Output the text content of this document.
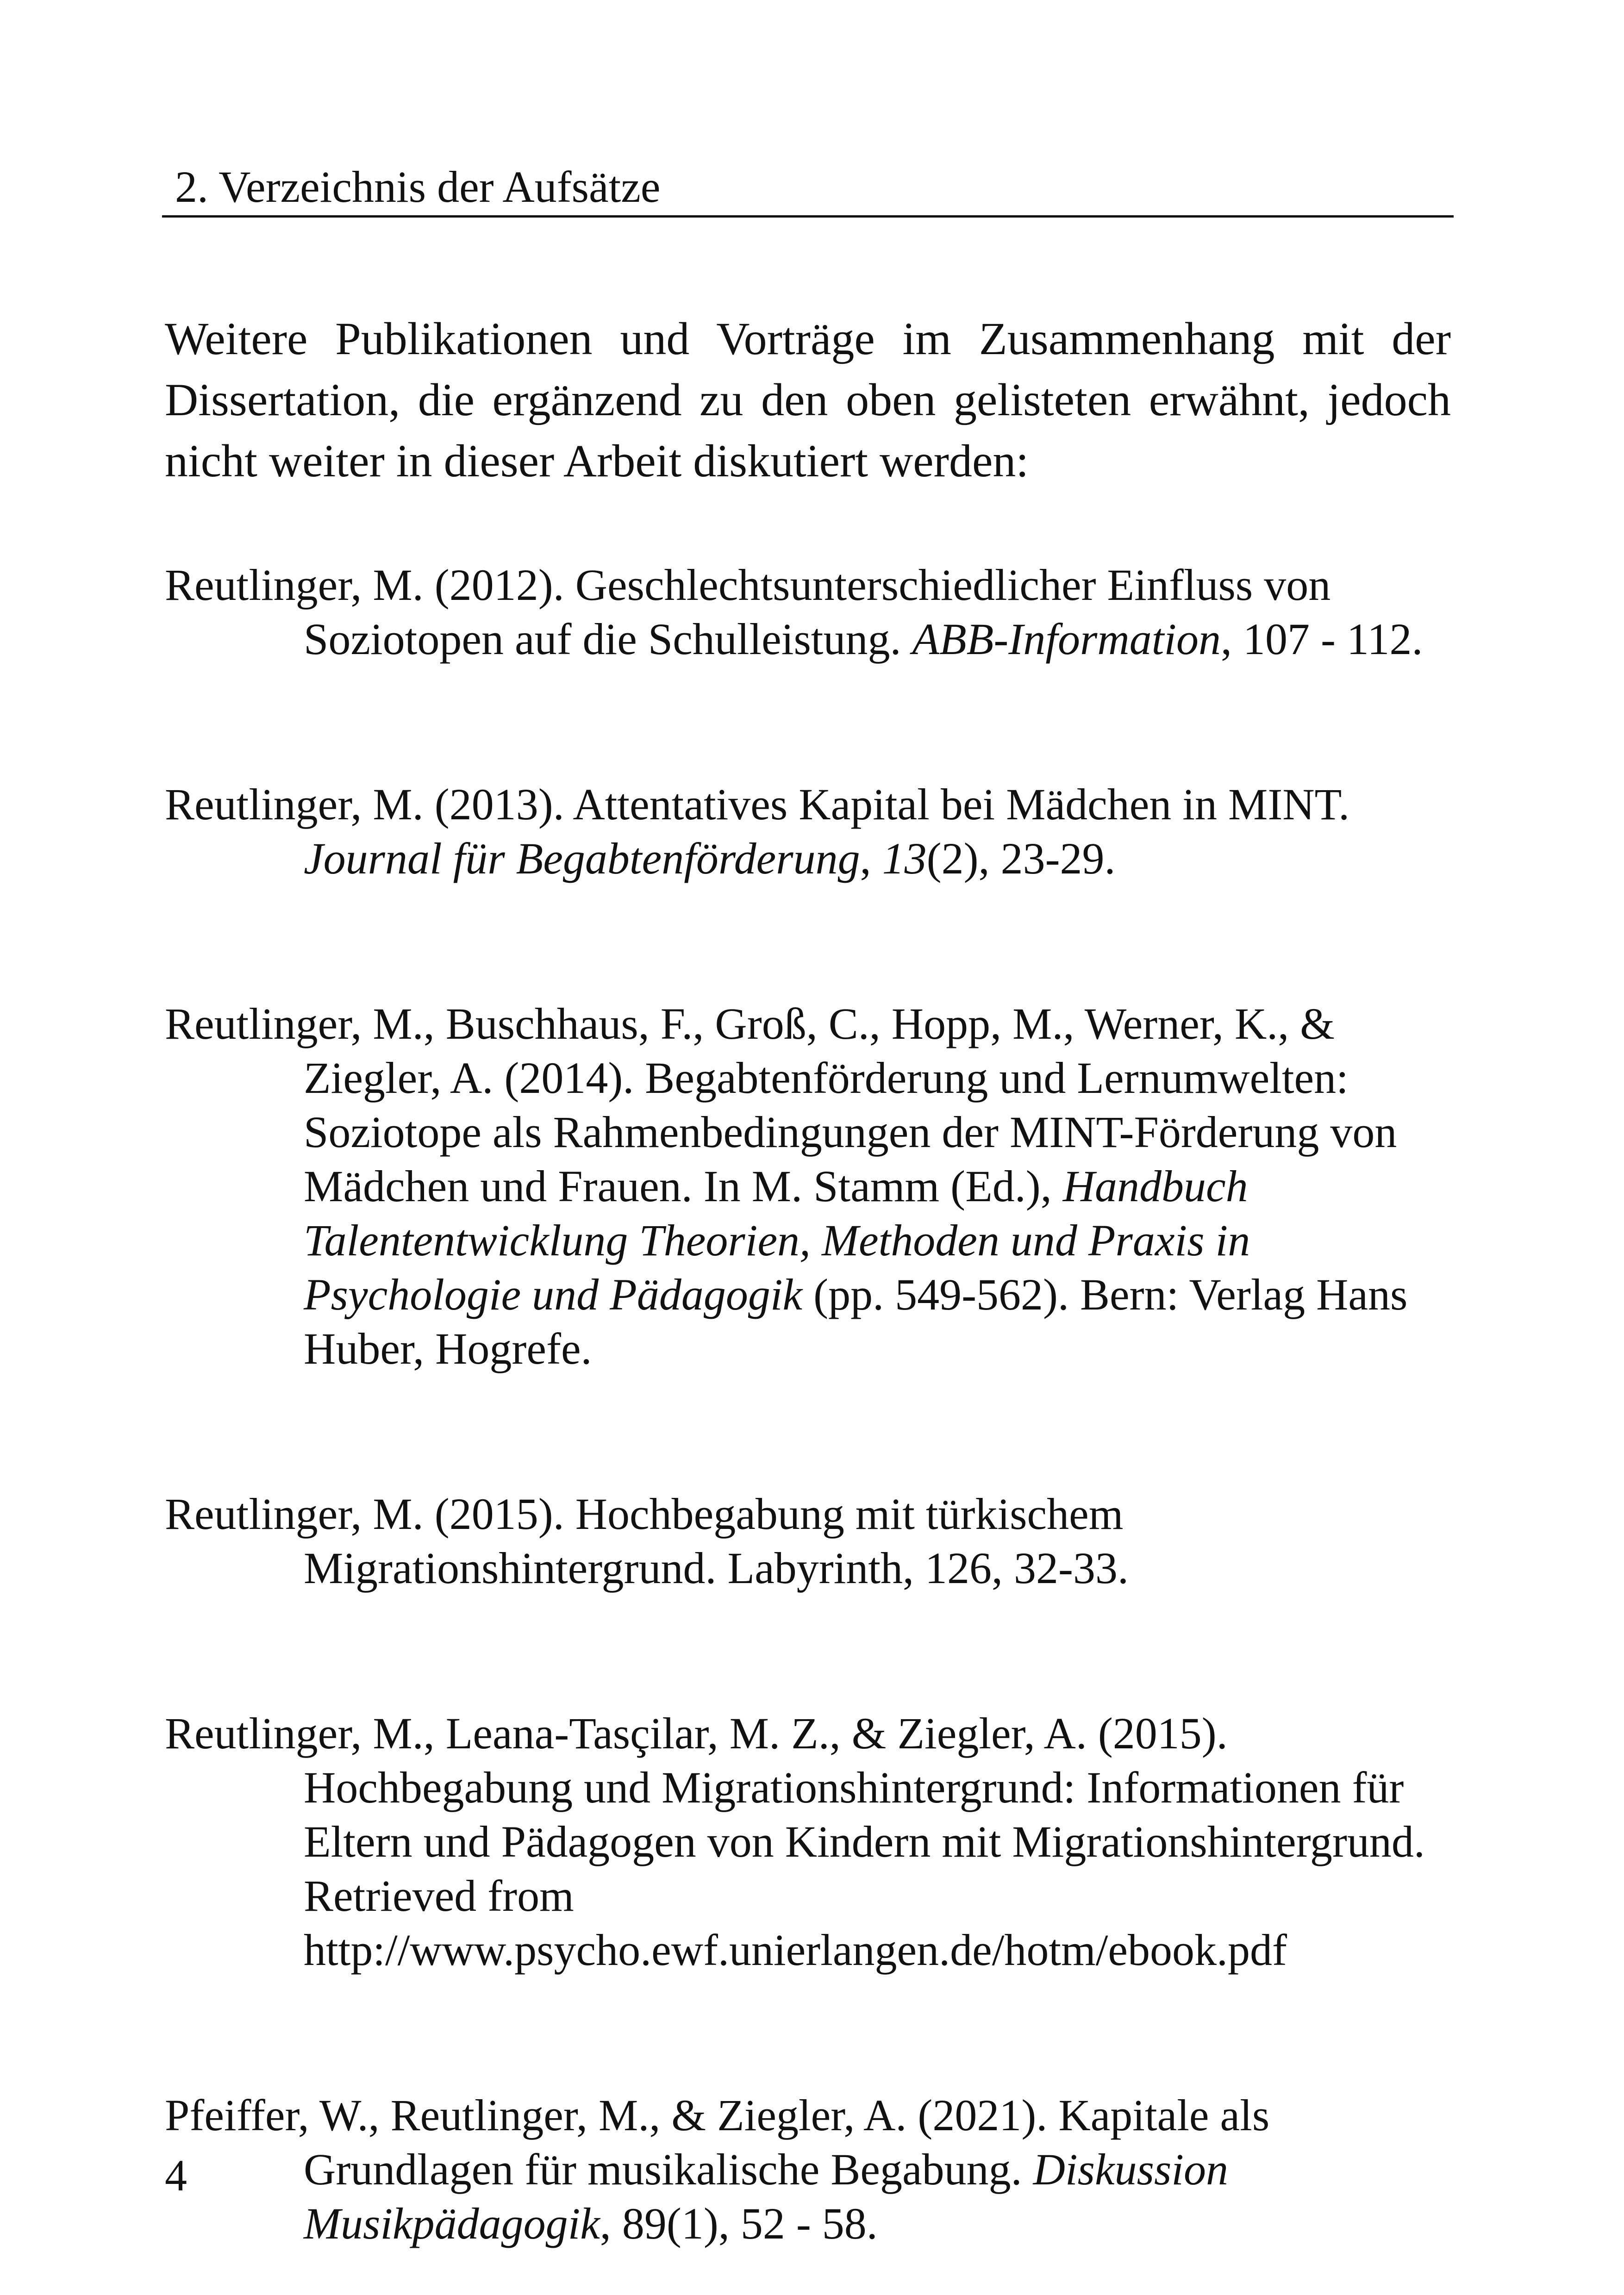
2. Verzeichnis der Aufsätze

Weitere Publikationen und Vorträge im Zusammenhang mit der Dissertation, die ergänzend zu den oben gelisteten erwähnt, jedoch nicht weiter in dieser Arbeit diskutiert werden:

Reutlinger, M. (2012). Geschlechtsunterschiedlicher Einfluss von Soziotopen auf die Schulleistung. ABB-Information, 107 - 112.

Reutlinger, M. (2013). Attentatives Kapital bei Mädchen in MINT. Journal für Begabtenförderung, 13(2), 23-29.

Reutlinger, M., Buschhaus, F., Groß, C., Hopp, M., Werner, K., & Ziegler, A. (2014). Begabtenförderung und Lernumwelten: Soziotope als Rahmenbedingungen der MINT-Förderung von Mädchen und Frauen. In M. Stamm (Ed.), Handbuch Talententwicklung Theorien, Methoden und Praxis in Psychologie und Pädagogik (pp. 549-562). Bern: Verlag Hans Huber, Hogrefe.

Reutlinger, M. (2015). Hochbegabung mit türkischem Migrationshintergrund. Labyrinth, 126, 32-33.

Reutlinger, M., Leana-Tasçilar, M. Z., & Ziegler, A. (2015). Hochbegabung und Migrationshintergrund: Informationen für Eltern und Pädagogen von Kindern mit Migrationshintergrund. Retrieved from http://www.psycho.ewf.unierlangen.de/hotm/ebook.pdf

Pfeiffer, W., Reutlinger, M., & Ziegler, A. (2021). Kapitale als Grundlagen für musikalische Begabung. Diskussion Musikpädagogik, 89(1), 52 - 58.

4
